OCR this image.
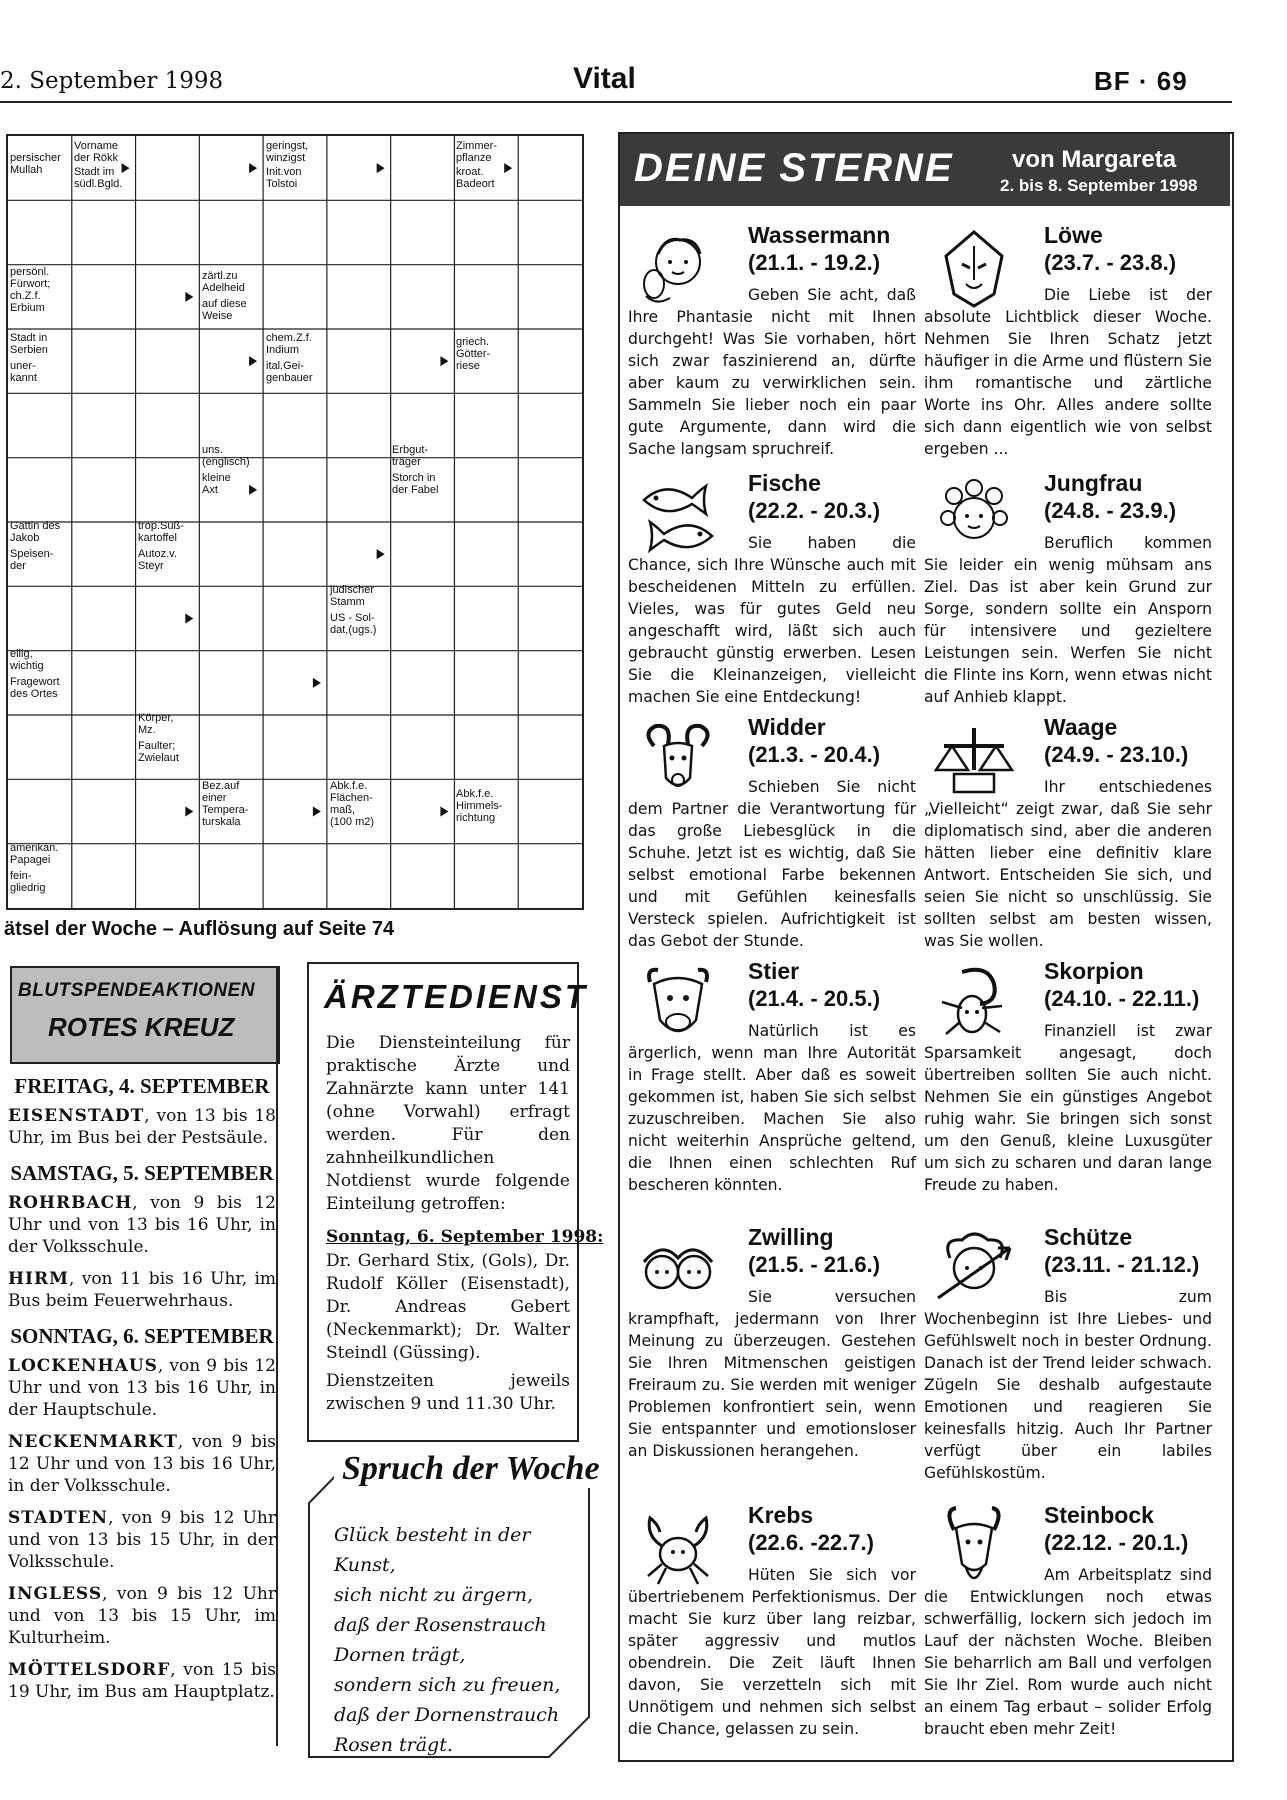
2. September 1998	Vital	BF · 69
persischer
Mullah
Vorname
der Rökk
Stadt im
südl.Bgld.
geringst,
winzigst
Init.von
Tolstoi
Zimmer-
pflanze
kroat.
Badeort
persönl.
Fürwort;
ch.Z.f.
Erbium
zärtl.zu
Adelheid
auf diese
Weise
Stadt in
Serbien
uner-
kannt
chem.Z.f.
Indium
ital.Gei-
genbauer
griech.
Götter-
riese
uns.
(englisch)
kleine
Axt
Erbgut-
träger
Storch in
der Fabel
Gattin des
Jakob
Speisen-
der
trop.Süß-
kartoffel
Autoz.v.
Steyr
jüdischer
Stamm
US - Sol-
dat,(ugs.)
eilig,
wichtig
Fragewort
des Ortes
Körper,
Mz.
Faulter;
Zwielaut
Bez.auf
einer
Tempera-
turskala
Abk.f.e.
Flächen-
maß,
(100 m2)
Abk.f.e.
Himmels-
richtung
amerikan.
Papagei
fein-
gliedrig
ätsel der Woche – Auflösung auf Seite 74
BLUTSPENDEAKTIONEN
ROTES KREUZ
FREITAG, 4. SEPTEMBER

EISENSTADT, von 13 bis 18 Uhr, im Bus bei der Pestsäule.

SAMSTAG, 5. SEPTEMBER

ROHRBACH, von 9 bis 12 Uhr und von 13 bis 16 Uhr, in der Volksschule.

HIRM, von 11 bis 16 Uhr, im Bus beim Feuerwehrhaus.

SONNTAG, 6. SEPTEMBER

LOCKENHAUS, von 9 bis 12 Uhr und von 13 bis 16 Uhr, in der Hauptschule.

NECKENMARKT, von 9 bis 12 Uhr und von 13 bis 16 Uhr, in der Volksschule.

STADTEN, von 9 bis 12 Uhr und von 13 bis 15 Uhr, in der Volksschule.

INGLESS, von 9 bis 12 Uhr und von 13 bis 15 Uhr, im Kulturheim.

MÖTTELSDORF, von 15 bis 19 Uhr, im Bus am Hauptplatz.

ÄRZTEDIENST
Die Diensteinteilung für praktische Ärzte und Zahnärzte kann unter 141 (ohne Vorwahl) erfragt werden. Für den zahnheilkundlichen Notdienst wurde folgende Einteilung getroffen:
Sonntag, 6. September 1998:
Dr. Gerhard Stix, (Gols), Dr. Rudolf Köller (Eisenstadt), Dr. Andreas Gebert (Neckenmarkt); Dr. Walter Steindl (Güssing).
Dienstzeiten jeweils zwischen 9 und 11.30 Uhr.
Spruch der Woche
Glück besteht in der Kunst,
sich nicht zu ärgern,
daß der Rosenstrauch
Dornen trägt,
sondern sich zu freuen,
daß der Dornenstrauch
Rosen trägt.
DEINE STERNE von Margareta
2. bis 8. September 1998
Wassermann
(21.1. - 19.2.)
Geben Sie acht, daß Ihre Phantasie nicht mit Ihnen durchgeht! Was Sie vorhaben, hört sich zwar faszinierend an, dürfte aber kaum zu verwirklichen sein. Sammeln Sie lieber noch ein paar gute Argumente, dann wird die Sache langsam spruchreif.
Löwe
(23.7. - 23.8.)
Die Liebe ist der absolute Lichtblick dieser Woche. Nehmen Sie Ihren Schatz jetzt häufiger in die Arme und flüstern Sie ihm romantische und zärtliche Worte ins Ohr. Alles andere sollte sich dann eigentlich wie von selbst ergeben ...
Fische
(22.2. - 20.3.)
Sie haben die Chance, sich Ihre Wünsche auch mit bescheidenen Mitteln zu erfüllen. Vieles, was für gutes Geld neu angeschafft wird, läßt sich auch gebraucht günstig erwerben. Lesen Sie die Kleinanzeigen, vielleicht machen Sie eine Entdeckung!
Jungfrau
(24.8. - 23.9.)
Beruflich kommen Sie leider ein wenig mühsam ans Ziel. Das ist aber kein Grund zur Sorge, sondern sollte ein Ansporn für intensivere und gezieltere Leistungen sein. Werfen Sie nicht die Flinte ins Korn, wenn etwas nicht auf Anhieb klappt.
Widder
(21.3. - 20.4.)
Schieben Sie nicht dem Partner die Verantwortung für das große Liebesglück in die Schuhe. Jetzt ist es wichtig, daß Sie selbst emotional Farbe bekennen und mit Gefühlen keinesfalls Versteck spielen. Aufrichtigkeit ist das Gebot der Stunde.
Waage
(24.9. - 23.10.)
Ihr entschiedenes „Vielleicht“ zeigt zwar, daß Sie sehr diplomatisch sind, aber die anderen hätten lieber eine definitiv klare Antwort. Entscheiden Sie sich, und seien Sie nicht so unschlüssig. Sie sollten selbst am besten wissen, was Sie wollen.
Stier
(21.4. - 20.5.)
Natürlich ist es ärgerlich, wenn man Ihre Autorität in Frage stellt. Aber daß es soweit gekommen ist, haben Sie sich selbst zuzuschreiben. Machen Sie also nicht weiterhin Ansprüche geltend, die Ihnen einen schlechten Ruf bescheren könnten.
Skorpion
(24.10. - 22.11.)
Finanziell ist zwar Sparsamkeit angesagt, doch übertreiben sollten Sie auch nicht. Nehmen Sie ein günstiges Angebot ruhig wahr. Sie bringen sich sonst um den Genuß, kleine Luxusgüter um sich zu scharen und daran lange Freude zu haben.
Zwilling
(21.5. - 21.6.)
Sie versuchen krampfhaft, jedermann von Ihrer Meinung zu überzeugen. Gestehen Sie Ihren Mitmenschen geistigen Freiraum zu. Sie werden mit weniger Problemen konfrontiert sein, wenn Sie entspannter und emotionsloser an Diskussionen herangehen.
Schütze
(23.11. - 21.12.)
Bis zum Wochenbeginn ist Ihre Liebes- und Gefühlswelt noch in bester Ordnung. Danach ist der Trend leider schwach. Zügeln Sie deshalb aufgestaute Emotionen und reagieren Sie keinesfalls hitzig. Auch Ihr Partner verfügt über ein labiles Gefühlskostüm.
Krebs
(22.6. -22.7.)
Hüten Sie sich vor übertriebenem Perfektionismus. Der macht Sie kurz über lang reizbar, später aggressiv und mutlos obendrein. Die Zeit läuft Ihnen davon, Sie verzetteln sich mit Unnötigem und nehmen sich selbst die Chance, gelassen zu sein.
Steinbock
(22.12. - 20.1.)
Am Arbeitsplatz sind die Entwicklungen noch etwas schwerfällig, lockern sich jedoch im Lauf der nächsten Woche. Bleiben Sie beharrlich am Ball und verfolgen Sie Ihr Ziel. Rom wurde auch nicht an einem Tag erbaut – solider Erfolg braucht eben mehr Zeit!
